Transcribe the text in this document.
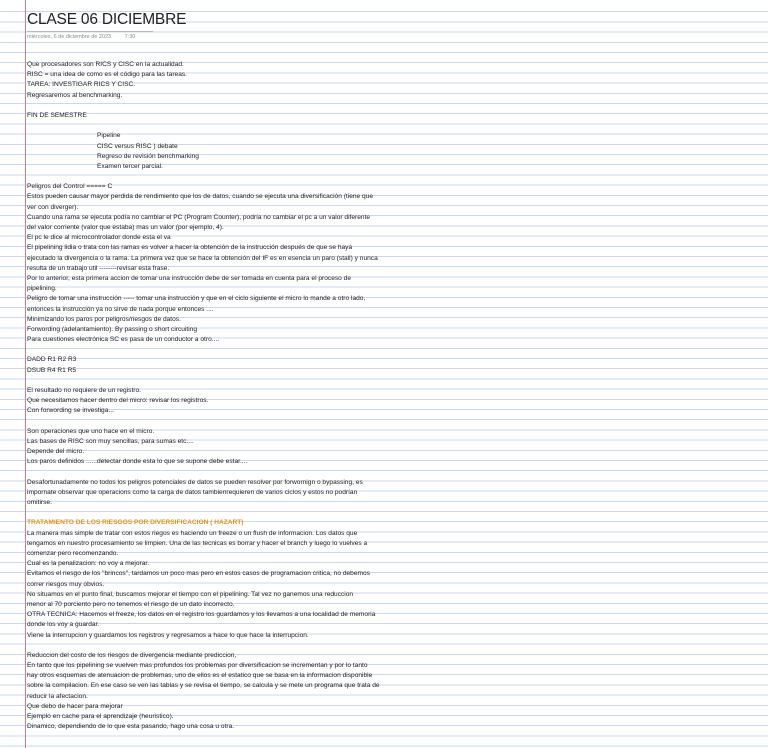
CLASE 06 DICIEMBRE
miércoles, 6 de diciembre de 2023 7:30
Que procesadores son RICS y CISC en la actualidad.
RISC = una idea de como es el código para las tareas.
TAREA: INVESTIGAR RICS Y CISC.
Regresaremos al benchmarking.
FIN DE SEMESTRE
Pipeline
CISC versus RISC ) debate
Regreso de revisión benchmarking
Examen tercer parcial.
Peligros del Control ===== C
Estos pueden causar mayor perdida de rendimiento que los de datos, cuando se ejecuta una diversificación (tiene que
ver con diverger).
Cuando una rama se ejecuta podía no cambiar el PC (Program Counter), podría no cambiar el pc a un valor diferente
del valor corriente (valor que estaba) mas un valor (por ejemplo, 4).
El pc le dice al microcontrolador donde esta el va
El pipelining lidia o trata con las ramas es volver a hacer la obtención de la instrucción después de que se haya
ejecutado la divergencia o la rama. La primera vez que se hace la obtención del IF es en esencia un paro (stall) y nunca
resulta de un trabajo util --------revisar esta frase.
Por lo anterior, esta primera accion de tomar una instrucción debe de ser tomada en cuenta para el proceso de
pipelining.
Peligro de tomar una instrucción ----- tomar una instrucción y que en el ciclo siguiente el micro lo mande a otro lado,
entonces la instrucción ya no sirve de nada porque entonces ....
Minimizando los paros por peligros/riesgos de datos.
Forwording (adelantamiento). By passing o short circuiting
Para cuestiones electrónica SC es pasa de un conductor a otro....
DADD R1 R2 R3
DSUB R4 R1 R5
El resultado no requiere de un registro.
Que necesitamos hacer dentro del micro: revisar los registros.
Con forwording se investiga...
Son operaciones que uno hace en el micro.
Las bases de RISC son muy sencillas, para sumas etc....
Depende del micro.
Los paros definidos ......detectar donde esta lo que se supone debe estar....
Desafortunadamente no todos los peligros potenciales de datos se pueden resolver por forwornign o bypassing, es
impornate observar que operacions como la carga de datos tambienrequieren de varios ciclos y estos no podrían
omitirse.
TRATAMIENTO DE LOS RIESGOS POR DIVERSIFICACION ( HAZART)
La manera mas simple de tratar con estos riegos es haciendo un freeze o un flush de informacion. Los datos que
tengamos en nuestro procesamiento se limpien. Una de las tecnicas es borrar y hacer el branch y luego lo vuelves a
comenzar pero recomenzando.
Cual es la penalizacion: no voy a mejorar.
Evitamos el riesgo de los "brincos", tardamos un poco mas pero en estos casos de programacion critica, no debemos
correr riesgos muy obvios.
No situamos en el punto final, buscamos mejorar el tiempo con el pipelining. Tal vez no ganemos una reduccion
menor al 70 porciento pero no tenemos el riesgo de un dato incorrecto.
OTRA TECNICA: Hacemos el freeze, los datos en el registro los guardamos y los llevamos a una localidad de memoria
donde los voy a guardar.
Viene la interrupcion y guardamos los registros y regresamos a hace lo que hace la interrupcion.
Reduccion del costo de los riesgos de divergencia mediante prediccion,
En tanto que los pipelining se vuelven mas profundos los problemas por diversificacion se incrementan y por lo tanto
hay otros esquemas de atenuacion de problemas, uno de ellos es el estatico que se basa en la informacion disponible
sobre la compilacion. En ese caso se ven las tablas y se revisa el tiempo, se calcula y se mete un programa que trata de
reducir la afectacion.
Que debo de hacer para mejorar
Ejemplo en cache para el aprendizaje (heuristico).
Dinamico, dependiendo de lo que esta pasando, hago una cosa u otra.
